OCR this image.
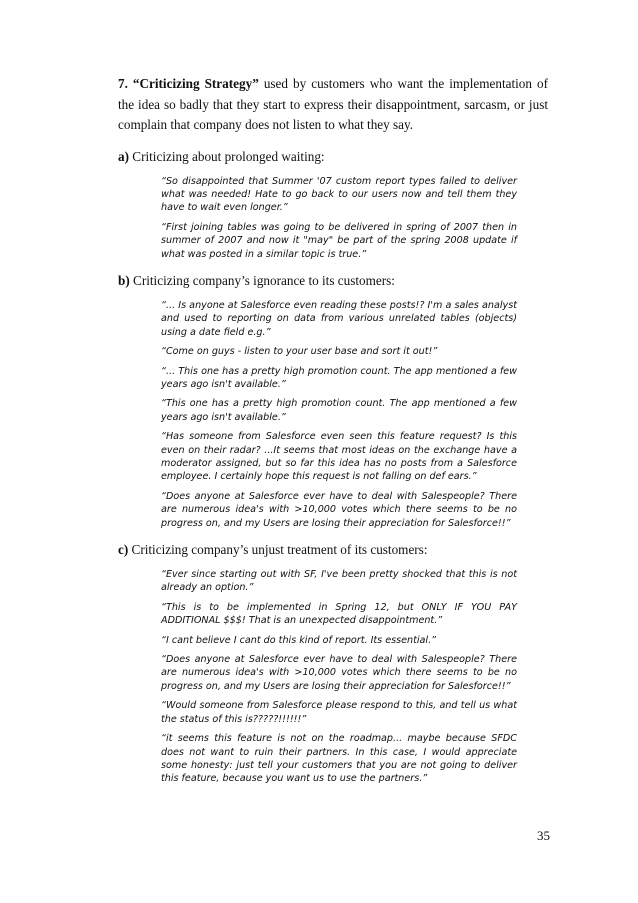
7. “Criticizing Strategy” used by customers who want the implementation of the idea so badly that they start to express their disappointment, sarcasm, or just complain that company does not listen to what they say.

a) Criticizing about prolonged waiting:

“So disappointed that Summer '07 custom report types failed to deliver what was needed! Hate to go back to our users now and tell them they have to wait even longer.”

“First joining tables was going to be delivered in spring of 2007 then in summer of 2007 and now it "may" be part of the spring 2008 update if what was posted in a similar topic is true.”

b) Criticizing company’s ignorance to its customers:

“... Is anyone at Salesforce even reading these posts!? I'm a sales analyst and used to reporting on data from various unrelated tables (objects) using a date field e.g.”

“Come on guys - listen to your user base and sort it out!”

“... This one has a pretty high promotion count. The app mentioned a few years ago isn't available.”

“This one has a pretty high promotion count. The app mentioned a few years ago isn't available.”

“Has someone from Salesforce even seen this feature request? Is this even on their radar? ...It seems that most ideas on the exchange have a moderator assigned, but so far this idea has no posts from a Salesforce employee. I certainly hope this request is not falling on def ears.”

“Does anyone at Salesforce ever have to deal with Salespeople? There are numerous idea's with >10,000 votes which there seems to be no progress on, and my Users are losing their appreciation for Salesforce!!”

c) Criticizing company’s unjust treatment of its customers:

“Ever since starting out with SF, I've been pretty shocked that this is not already an option.”

“This is to be implemented in Spring 12, but ONLY IF YOU PAY ADDITIONAL $$$! That is an unexpected disappointment.”

“I cant believe I cant do this kind of report. Its essential.”

“Does anyone at Salesforce ever have to deal with Salespeople? There are numerous idea's with >10,000 votes which there seems to be no progress on, and my Users are losing their appreciation for Salesforce!!”

“Would someone from Salesforce please respond to this, and tell us what the status of this is?????!!!!!!”

“it seems this feature is not on the roadmap... maybe because SFDC does not want to ruin their partners. In this case, I would appreciate some honesty: just tell your customers that you are not going to deliver this feature, because you want us to use the partners.”

35
